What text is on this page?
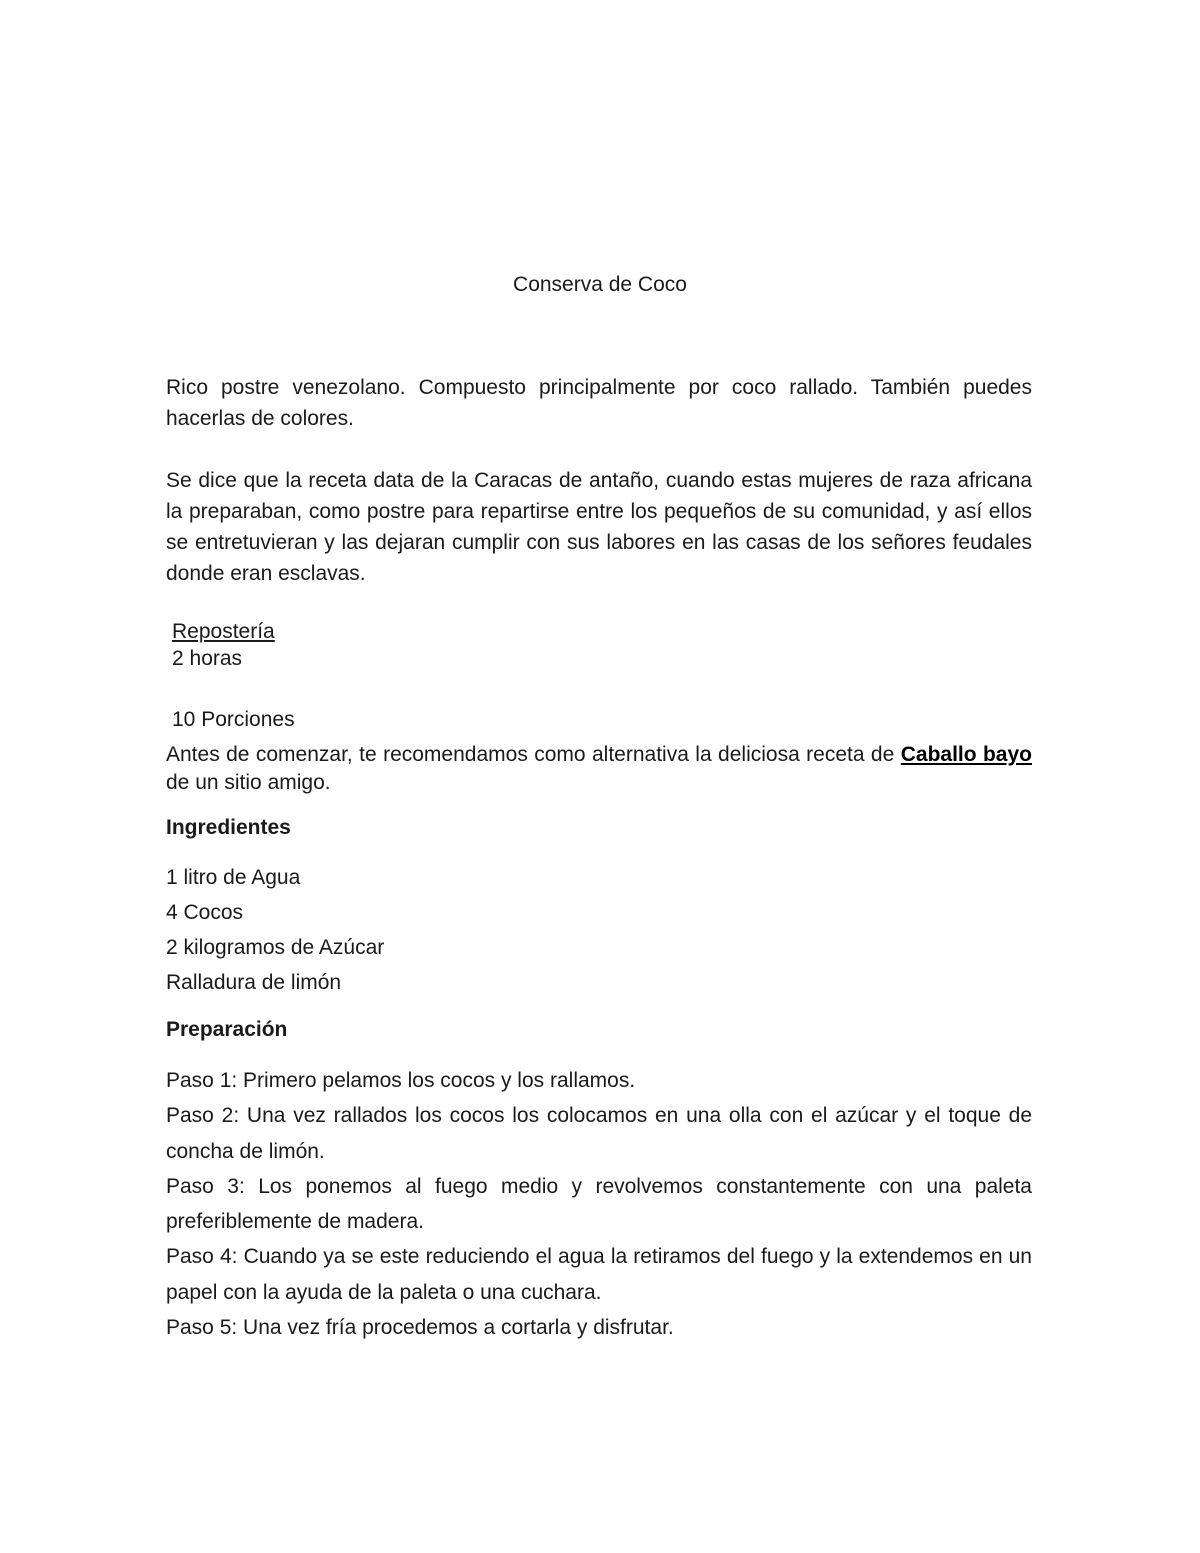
Conserva de Coco
Rico postre venezolano. Compuesto principalmente por coco rallado. También puedes hacerlas de colores.
Se dice que la receta data de la Caracas de antaño, cuando estas mujeres de raza africana la preparaban, como postre para repartirse entre los pequeños de su comunidad, y así ellos se entretuvieran y las dejaran cumplir con sus labores en las casas de los señores feudales donde eran esclavas.
Repostería
2 horas
10 Porciones
Antes de comenzar, te recomendamos como alternativa la deliciosa receta de Caballo bayo de un sitio amigo.
Ingredientes
1 litro de Agua
4 Cocos
2 kilogramos de Azúcar
Ralladura de limón
Preparación

Paso 1: Primero pelamos los cocos y los rallamos.

Paso 2: Una vez rallados los cocos los colocamos en una olla con el azúcar y el toque de concha de limón.

Paso 3: Los ponemos al fuego medio y revolvemos constantemente con una paleta preferiblemente de madera.

Paso 4: Cuando ya se este reduciendo el agua la retiramos del fuego y la extendemos en un papel con la ayuda de la paleta o una cuchara.

Paso 5: Una vez fría procedemos a cortarla y disfrutar.
